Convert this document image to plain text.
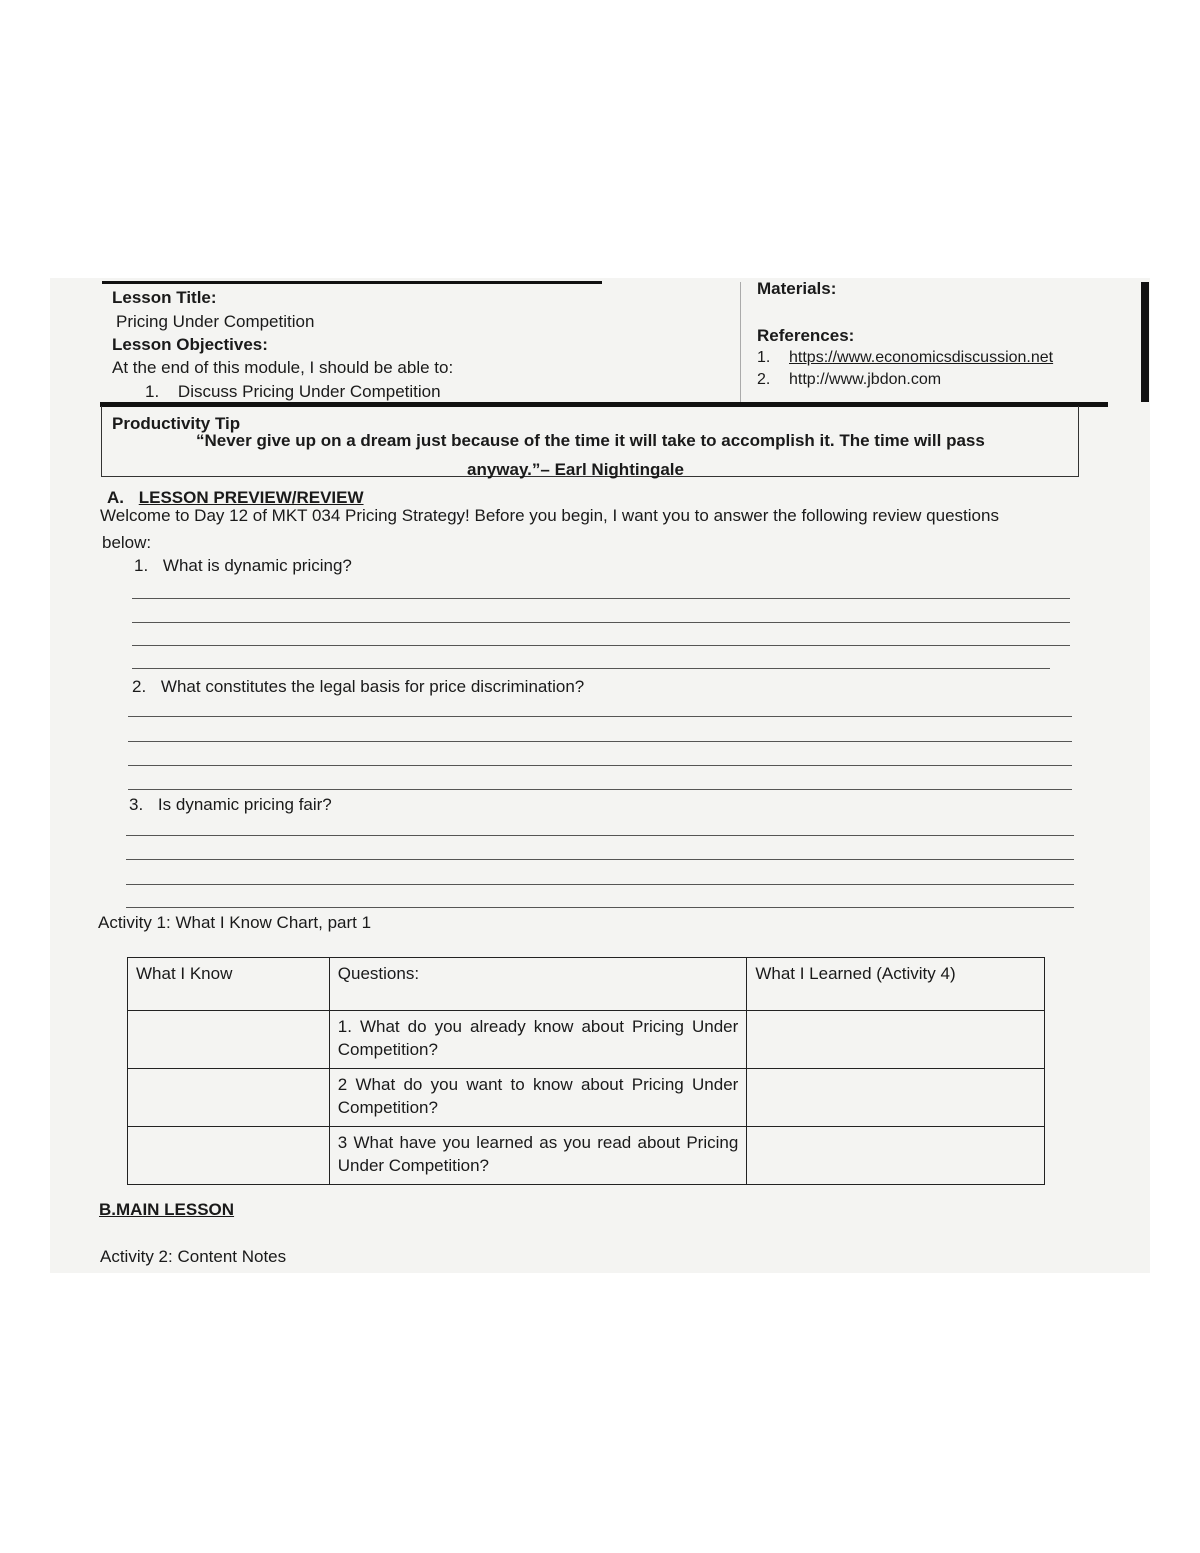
Lesson Title:
Pricing Under Competition
Lesson Objectives:
At the end of this module, I should be able to:
1. Discuss Pricing Under Competition
Materials:
References:
1. https://www.economicsdiscussion.net
2. http://www.jbdon.com
Productivity Tip
“Never give up on a dream just because of the time it will take to accomplish it. The time will pass
anyway.”– Earl Nightingale
A. LESSON PREVIEW/REVIEW
Welcome to Day 12 of MKT 034 Pricing Strategy! Before you begin, I want you to answer the following review questions
below:
1. What is dynamic pricing?
2. What constitutes the legal basis for price discrimination?
3. Is dynamic pricing fair?
Activity 1: What I Know Chart, part 1
What I Know	Questions:	What I Learned (Activity 4)
	1. What do you already know about Pricing Under Competition?	
	2 What do you want to know about Pricing Under Competition?	
	3 What have you learned as you read about Pricing Under Competition?	
B.MAIN LESSON
Activity 2: Content Notes
